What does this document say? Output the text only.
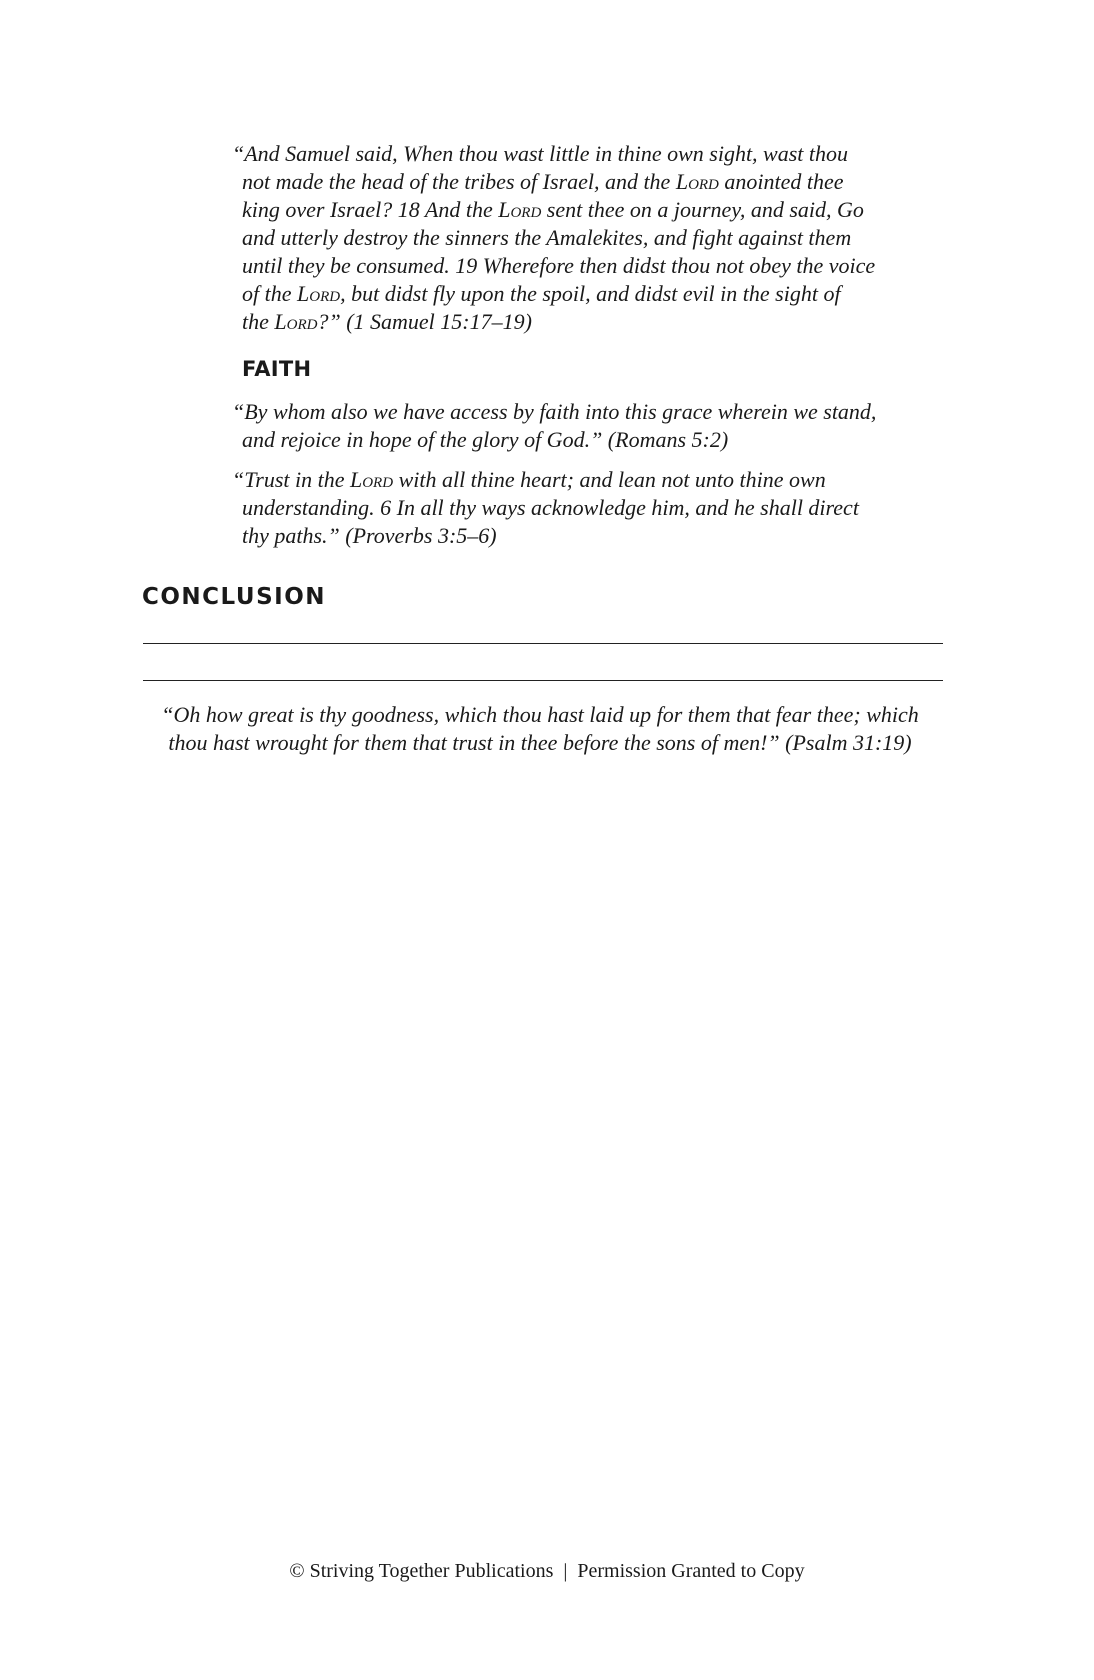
“And Samuel said, When thou wast little in thine own sight, wast thou
not made the head of the tribes of Israel, and the Lord anointed thee
king over Israel? 18 And the Lord sent thee on a journey, and said, Go
and utterly destroy the sinners the Amalekites, and fight against them
until they be consumed. 19 Wherefore then didst thou not obey the voice
of the Lord, but didst fly upon the spoil, and didst evil in the sight of
the Lord?” (1 Samuel 15:17–19)
FAITH
“By whom also we have access by faith into this grace wherein we stand,
and rejoice in hope of the glory of God.” (Romans 5:2)
“Trust in the Lord with all thine heart; and lean not unto thine own
understanding. 6 In all thy ways acknowledge him, and he shall direct
thy paths.” (Proverbs 3:5–6)
CONCLUSION
“Oh how great is thy goodness, which thou hast laid up for them that fear thee; which
thou hast wrought for them that trust in thee before the sons of men!” (Psalm 31:19)
© Striving Together Publications | Permission Granted to Copy
